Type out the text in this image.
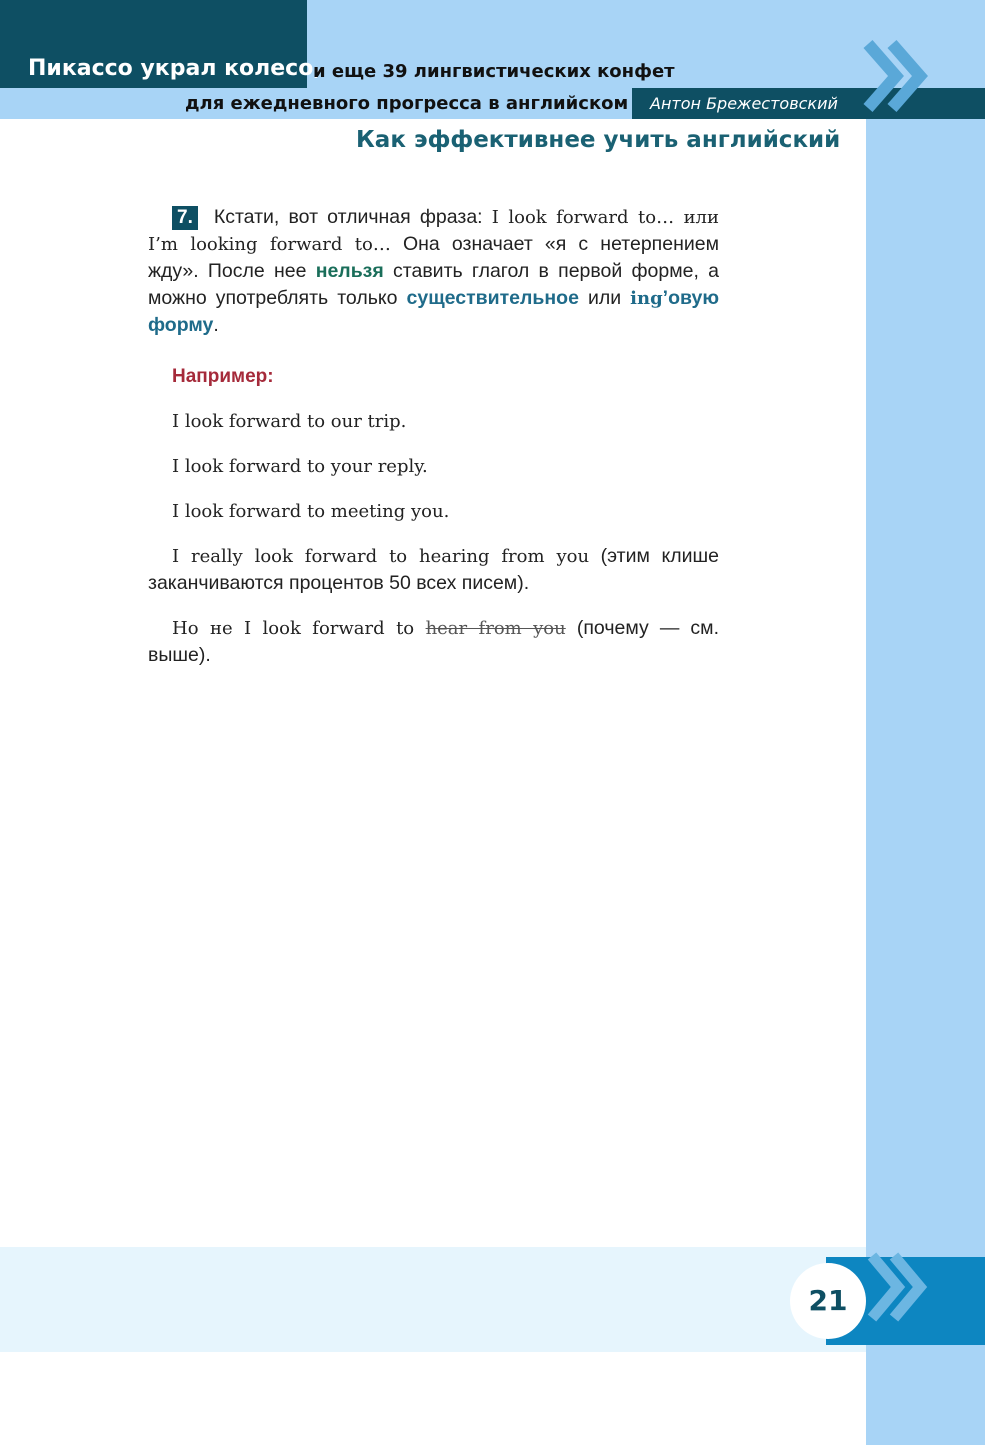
Пикассо украл колесо,
и еще 39 лингвистических конфет
для ежедневного прогресса в английском Антон Брежестовский
Как эффективнее учить английский

7. Кстати, вот отличная фраза: I look forward to… или I’m looking forward to… Она означает «я с нетерпением жду». После нее нельзя ставить глагол в первой форме, а можно употреблять только существительное или ing’овую форму.

Например:

I look forward to our trip.

I look forward to your reply.

I look forward to meeting you.

I really look forward to hearing from you (этим клише заканчиваются процентов 50 всех писем).

Но не I look forward to hear from you (почему — см. выше).

21
